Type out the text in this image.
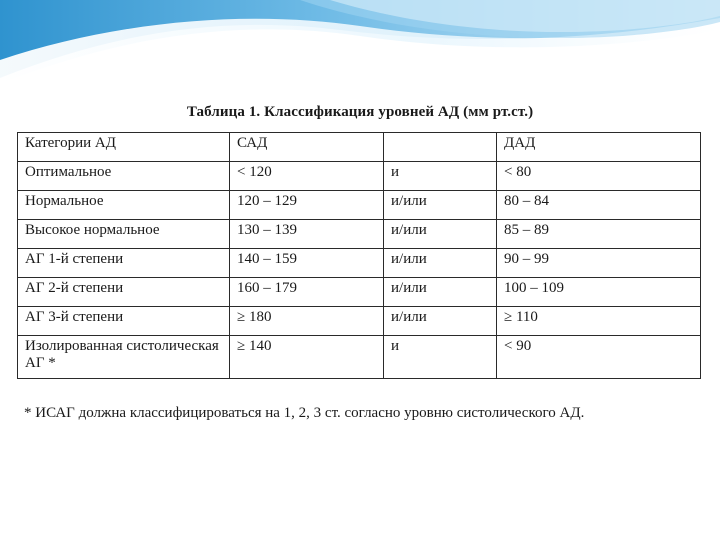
Таблица 1. Классификация уровней АД (мм рт.ст.)
Категории АД	САД		ДАД
Оптимальное	< 120	и	< 80
Нормальное	120 – 129	и/или	80 – 84
Высокое нормальное	130 – 139	и/или	85 – 89
АГ 1-й степени	140 – 159	и/или	90 – 99
АГ 2-й степени	160 – 179	и/или	100 – 109
АГ 3-й степени	≥ 180	и/или	≥ 110
Изолированная систолическая АГ *	≥ 140	и	< 90
* ИСАГ должна классифицироваться на 1, 2, 3 ст. согласно уровню систолического АД.
